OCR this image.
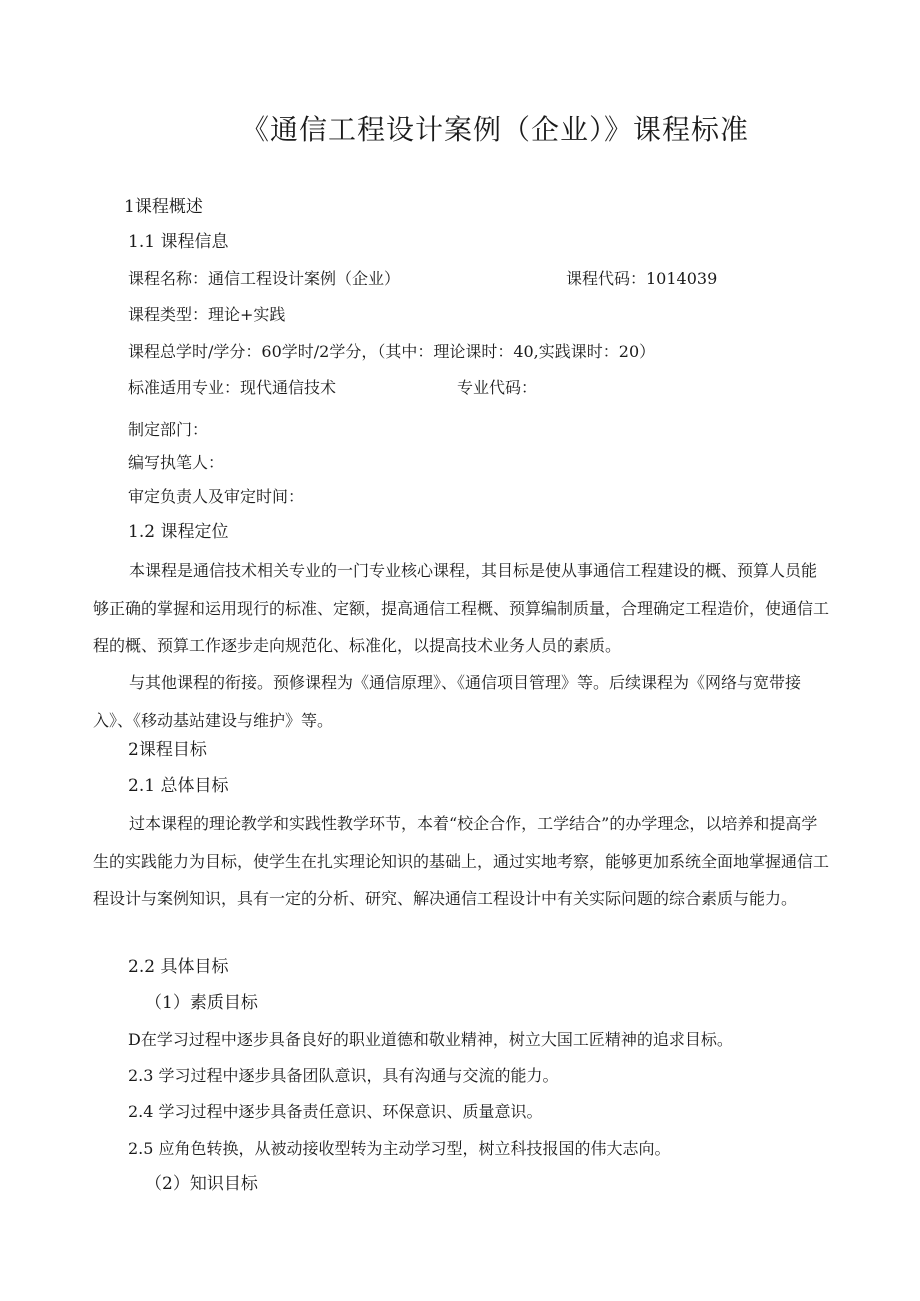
《通信工程设计案例（企业）》课程标准
1课程概述
1.1 课程信息
课程名称：通信工程设计案例（企业）	课程代码：1014039
课程类型：理论+实践
课程总学时/学分：60学时/2学分，（其中：理论课时：40,实践课时：20）
标准适用专业：现代通信技术	专业代码：
制定部门：
编写执笔人：
审定负责人及审定时间：
1.2 课程定位
本课程是通信技术相关专业的一门专业核心课程，其目标是使从事通信工程建设的概、预算人员能够正确的掌握和运用现行的标准、定额，提高通信工程概、预算编制质量，合理确定工程造价，使通信工程的概、预算工作逐步走向规范化、标准化，以提高技术业务人员的素质。
与其他课程的衔接。预修课程为《通信原理》、《通信项目管理》等。后续课程为《网络与宽带接入》、《移动基站建设与维护》等。
2课程目标
2.1 总体目标
过本课程的理论教学和实践性教学环节，本着“校企合作，工学结合”的办学理念，以培养和提高学生的实践能力为目标，使学生在扎实理论知识的基础上，通过实地考察，能够更加系统全面地掌握通信工程设计与案例知识，具有一定的分析、研究、解决通信工程设计中有关实际问题的综合素质与能力。
2.2 具体目标
（1）素质目标
D在学习过程中逐步具备良好的职业道德和敬业精神，树立大国工匠精神的追求目标。
2.3 学习过程中逐步具备团队意识，具有沟通与交流的能力。
2.4 学习过程中逐步具备责任意识、环保意识、质量意识。
2.5 应角色转换，从被动接收型转为主动学习型，树立科技报国的伟大志向。
（2）知识目标
